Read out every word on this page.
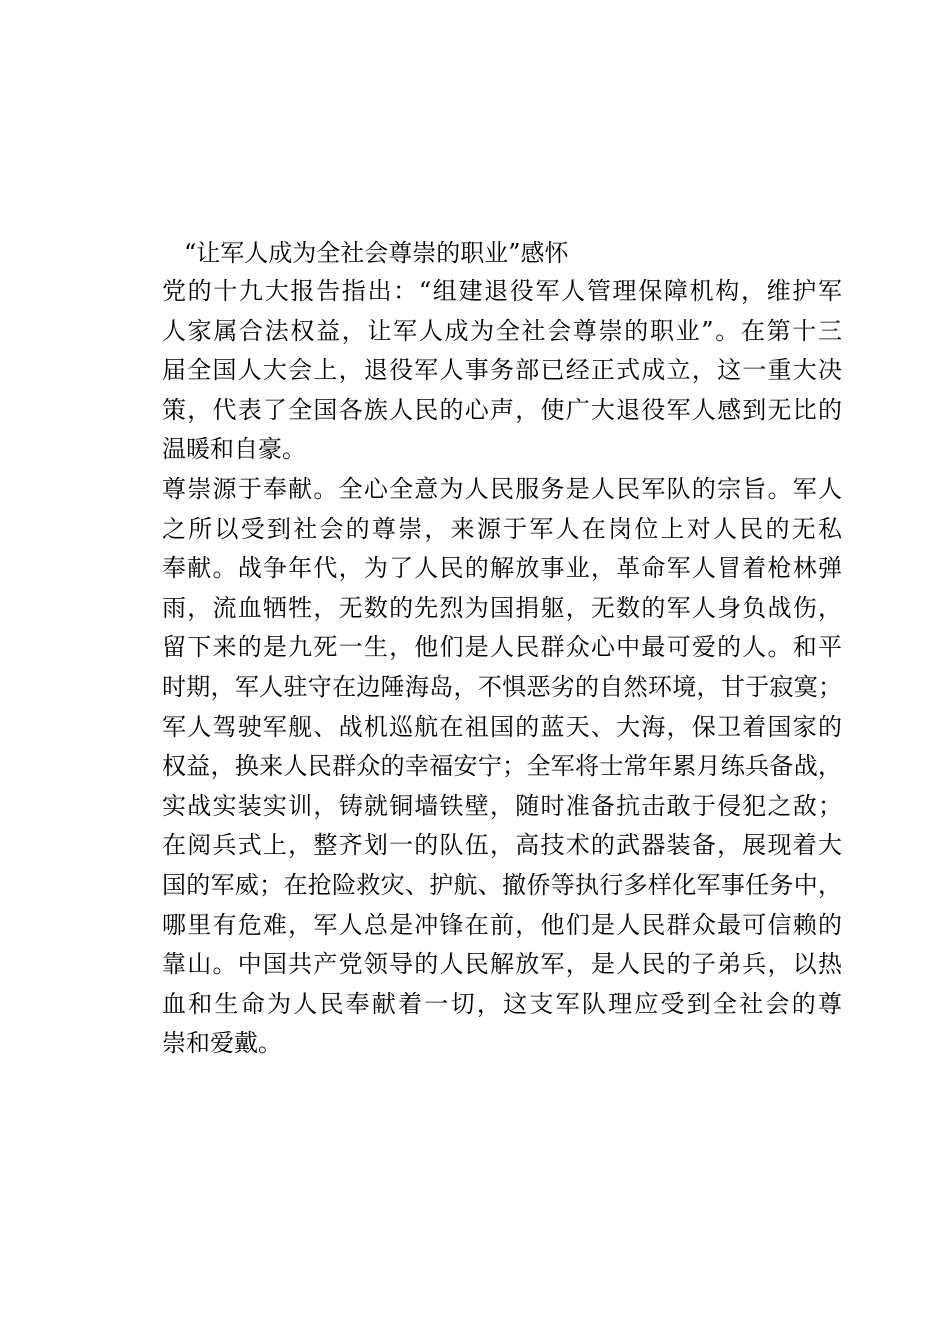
“让军人成为全社会尊崇的职业”感怀
党的十九大报告指出：“组建退役军人管理保障机构，维护军
人家属合法权益，让军人成为全社会尊崇的职业”。在第十三
届全国人大会上，退役军人事务部已经正式成立，这一重大决
策，代表了全国各族人民的心声，使广大退役军人感到无比的
温暖和自豪。
尊崇源于奉献。全心全意为人民服务是人民军队的宗旨。军人
之所以受到社会的尊崇，来源于军人在岗位上对人民的无私
奉献。战争年代，为了人民的解放事业，革命军人冒着枪林弹
雨，流血牺牲，无数的先烈为国捐躯，无数的军人身负战伤，
留下来的是九死一生，他们是人民群众心中最可爱的人。和平
时期，军人驻守在边陲海岛，不惧恶劣的自然环境，甘于寂寞；
军人驾驶军舰、战机巡航在祖国的蓝天、大海，保卫着国家的
权益，换来人民群众的幸福安宁；全军将士常年累月练兵备战，
实战实装实训，铸就铜墙铁壁，随时准备抗击敢于侵犯之敌；
在阅兵式上，整齐划一的队伍，高技术的武器装备，展现着大
国的军威；在抢险救灾、护航、撤侨等执行多样化军事任务中，
哪里有危难，军人总是冲锋在前，他们是人民群众最可信赖的
靠山。中国共产党领导的人民解放军，是人民的子弟兵，以热
血和生命为人民奉献着一切，这支军队理应受到全社会的尊
崇和爱戴。
